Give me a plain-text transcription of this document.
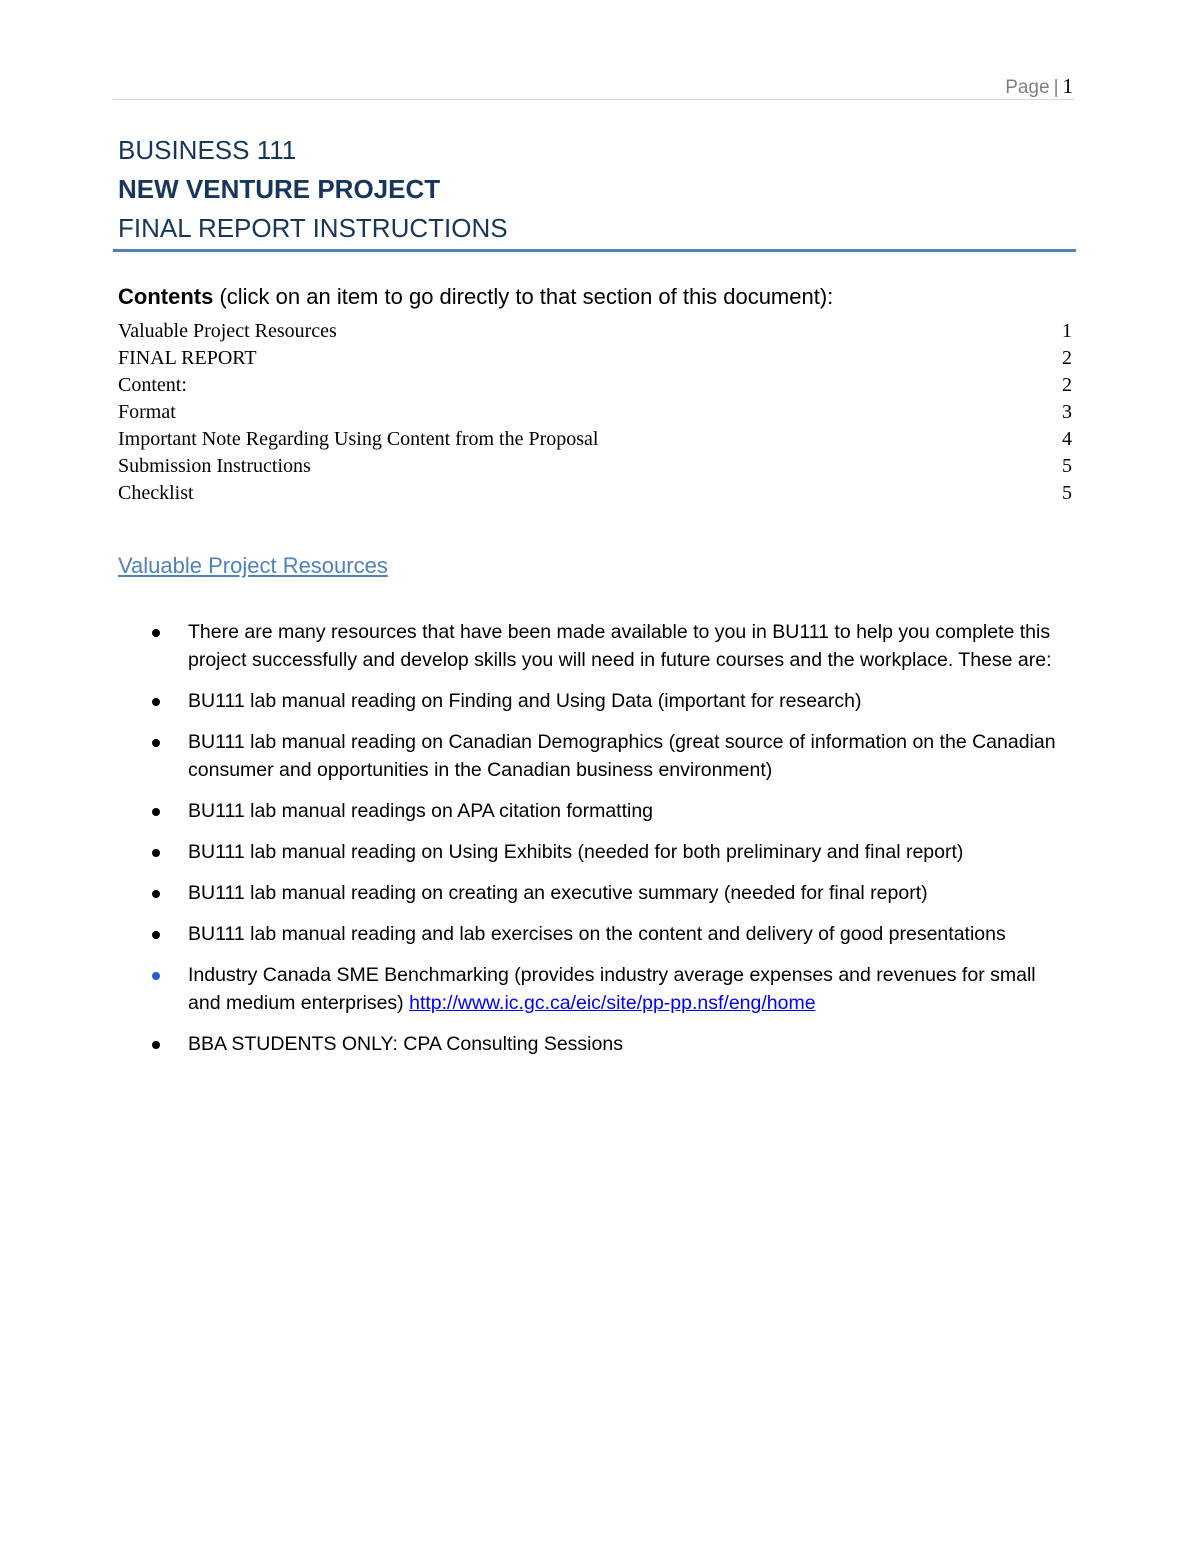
Page | 1
BUSINESS 111
NEW VENTURE PROJECT
FINAL REPORT INSTRUCTIONS
Contents (click on an item to go directly to that section of this document):
Valuable Project Resources	1
FINAL REPORT	2
Content:	2
Format	3
Important Note Regarding Using Content from the Proposal	4
Submission Instructions	5
Checklist	5
Valuable Project Resources
There are many resources that have been made available to you in BU111 to help you complete this project successfully and develop skills you will need in future courses and the workplace. These are:
BU111 lab manual reading on Finding and Using Data (important for research)
BU111 lab manual reading on Canadian Demographics (great source of information on the Canadian consumer and opportunities in the Canadian business environment)
BU111 lab manual readings on APA citation formatting
BU111 lab manual reading on Using Exhibits (needed for both preliminary and final report)
BU111 lab manual reading on creating an executive summary (needed for final report)
BU111 lab manual reading and lab exercises on the content and delivery of good presentations
Industry Canada SME Benchmarking (provides industry average expenses and revenues for small and medium enterprises) http://www.ic.gc.ca/eic/site/pp-pp.nsf/eng/home
BBA STUDENTS ONLY: CPA Consulting Sessions
